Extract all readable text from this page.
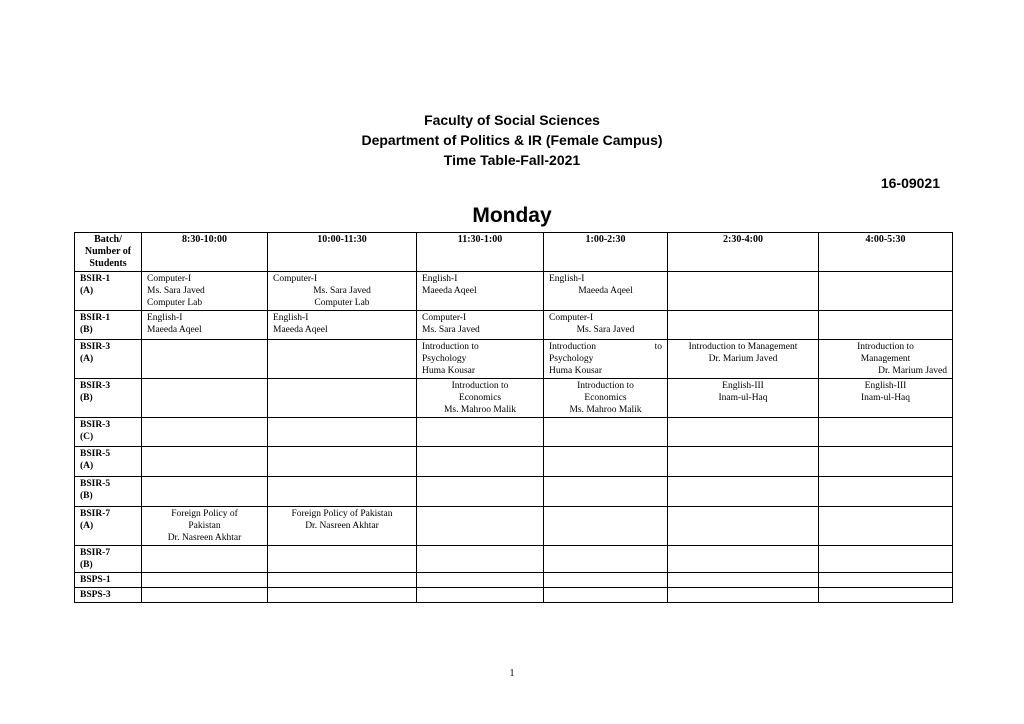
Faculty of Social Sciences
Department of Politics & IR (Female Campus)
Time Table-Fall-2021
16-09021
Monday
Batch/
Number of
Students	8:30-10:00	10:00-11:30	11:30-1:00	1:00-2:30	2:30-4:00	4:00-5:30

BSIR-1
(A)	Computer-I
Ms. Sara Javed
Computer Lab	Computer-I
Ms. Sara Javed
Computer Lab	English-I
Maeeda Aqeel	English-I
Maeeda Aqeel		

BSIR-1
(B)	English-I
Maeeda Aqeel	English-I
Maeeda Aqeel	Computer-I
Ms. Sara Javed	Computer-I
Ms. Sara Javed		

BSIR-3
(A)			Introduction to
Psychology
Huma Kousar	Introduction to
Psychology
Huma Kousar	Introduction to Management
Dr. Marium Javed	Introduction to
Management
Dr. Marium Javed

BSIR-3
(B)			Introduction to
Economics
Ms. Mahroo Malik	Introduction to
Economics
Ms. Mahroo Malik	English-III
Inam-ul-Haq	English-III
Inam-ul-Haq

BSIR-3
(C)						

BSIR-5
(A)						

BSIR-5
(B)						

BSIR-7
(A)	Foreign Policy of
Pakistan
Dr. Nasreen Akhtar	Foreign Policy of Pakistan
Dr. Nasreen Akhtar				

BSIR-7
(B)						

BSPS-1						

BSPS-3						

1
